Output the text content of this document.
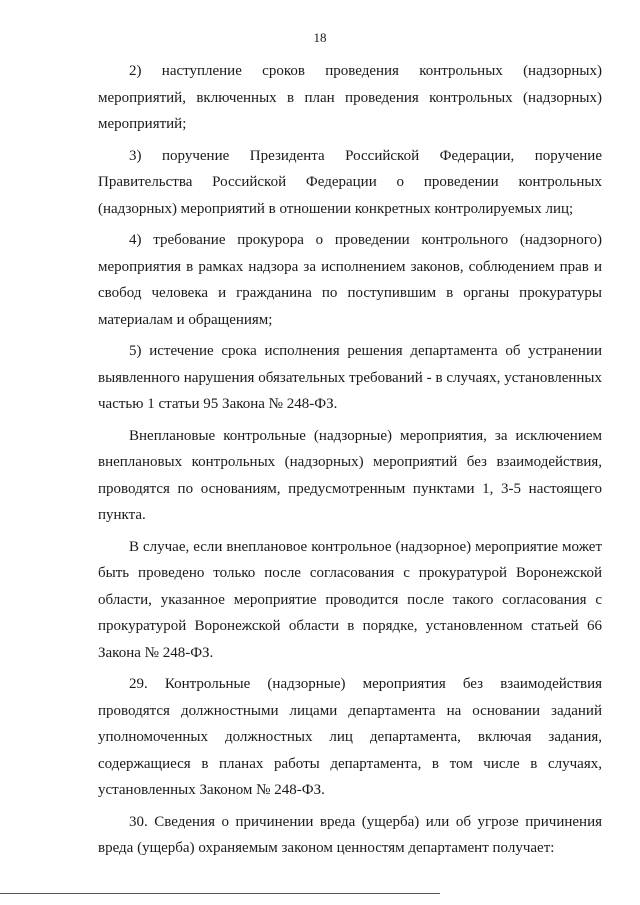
18

2) наступление сроков проведения контрольных (надзорных) мероприятий, включенных в план проведения контрольных (надзорных) мероприятий;

3) поручение Президента Российской Федерации, поручение Правительства Российской Федерации о проведении контрольных (надзорных) мероприятий в отношении конкретных контролируемых лиц;

4) требование прокурора о проведении контрольного (надзорного) мероприятия в рамках надзора за исполнением законов, соблюдением прав и свобод человека и гражданина по поступившим в органы прокуратуры материалам и обращениям;

5) истечение срока исполнения решения департамента об устранении выявленного нарушения обязательных требований - в случаях, установленных частью 1 статьи 95 Закона № 248-ФЗ.

Внеплановые контрольные (надзорные) мероприятия, за исключением внеплановых контрольных (надзорных) мероприятий без взаимодействия, проводятся по основаниям, предусмотренным пунктами 1, 3-5 настоящего пункта.

В случае, если внеплановое контрольное (надзорное) мероприятие может быть проведено только после согласования с прокуратурой Воронежской области, указанное мероприятие проводится после такого согласования с прокуратурой Воронежской области в порядке, установленном статьей 66 Закона № 248-ФЗ.

29. Контрольные (надзорные) мероприятия без взаимодействия проводятся должностными лицами департамента на основании заданий уполномоченных должностных лиц департамента, включая задания, содержащиеся в планах работы департамента, в том числе в случаях, установленных Законом № 248-ФЗ.

30. Сведения о причинении вреда (ущерба) или об угрозе причинения вреда (ущерба) охраняемым законом ценностям департамент получает:
